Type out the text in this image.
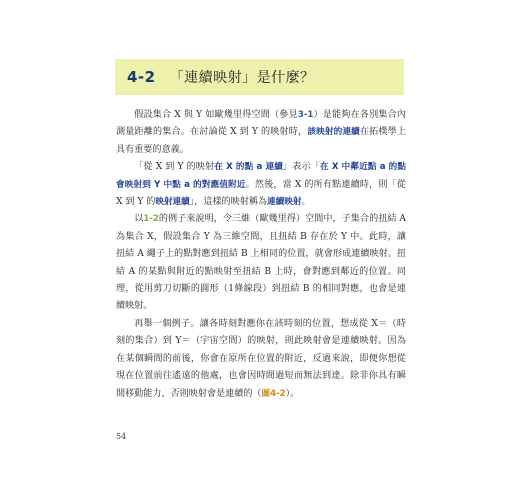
4-2 「連續映射」是什麼？

假設集合 X 與 Y 如歐幾里得空間（參見3-1）是能夠在各別集合內測量距離的集合。在討論從 X 到 Y 的映射時，該映射的連續在拓樸學上具有重要的意義。

「從 X 到 Y 的映射在 X 的點 a 連續」表示「在 X 中鄰近點 a 的點會映射到 Y 中點 a 的對應值附近。然後，當 X 的所有點連續時，則「從 X 到 Y 的映射連續」，這樣的映射稱為連續映射。

以1-2的例子來說明，令三維（歐幾里得）空間中，子集合的扭結 A 為集合 X，假設集合 Y 為三維空間，且扭結 B 存在於 Y 中。此時，讓扭結 A 繩子上的點對應到扭結 B 上相同的位置，就會形成連續映射。扭結 A 的某點與附近的點映射至扭結 B 上時，會對應到鄰近的位置。同理，從用剪刀切斷的圓形（1條線段）到扭結 B 的相同對應，也會是連續映射。

再舉一個例子。讓各時刻對應你在該時刻的位置，想成從 X＝（時刻的集合）到 Y＝（宇宙空間）的映射，則此映射會是連續映射。因為在某個瞬間的前後，你會在原所在位置的附近，反過來說，即便你想從現在位置前往遙遠的他處，也會因時間過短而無法到達。除非你具有瞬間移動能力，否則映射會是連續的（圖4-2）。

54
